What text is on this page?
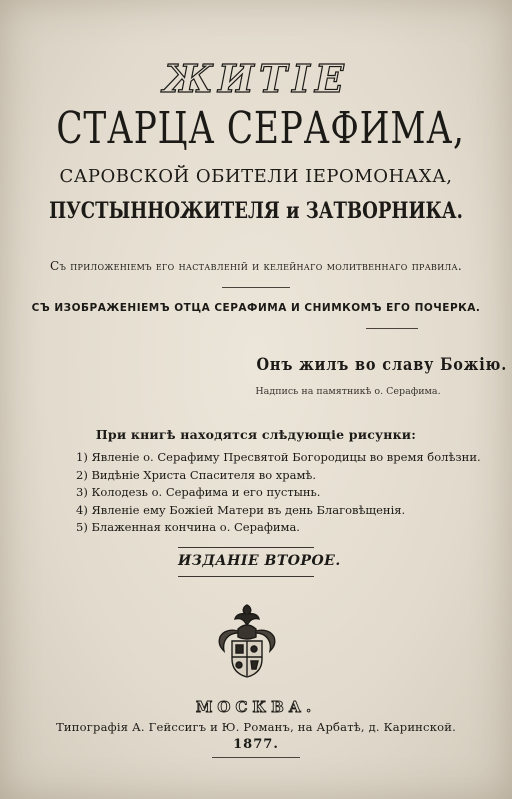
ЖИТІЕ
СТАРЦА СЕРАФИМА,
САРОВСКОЙ ОБИТЕЛИ ІЕРОМОНАХА,
ПУСТЫННОЖИТЕЛЯ и ЗАТВОРНИКА.
Съ приложеніемъ его наставленій и келейнаго молитвеннаго правила.
СЪ ИЗОБРАЖЕНІЕМЪ ОТЦА СЕРАФИМА И СНИМКОМЪ ЕГО ПОЧЕРКА.
Онъ жилъ во славу Божію.
Надпись на памятникѣ о. Серафима.
При книгѣ находятся слѣдующіе рисунки:
1) Явленіе о. Серафиму Пресвятой Богородицы во время болѣзни.
2) Видѣніе Христа Спасителя во храмѣ.
3) Колодезь о. Серафима и его пустынь.
4) Явленіе ему Божіей Матери въ день Благовѣщенія.
5) Блаженная кончина о. Серафима.
ИЗДАНІЕ ВТОРОЕ.
МОСКВА.
Типографія А. Гейссигъ и Ю. Романъ, на Арбатѣ, д. Каринской.
1877.
